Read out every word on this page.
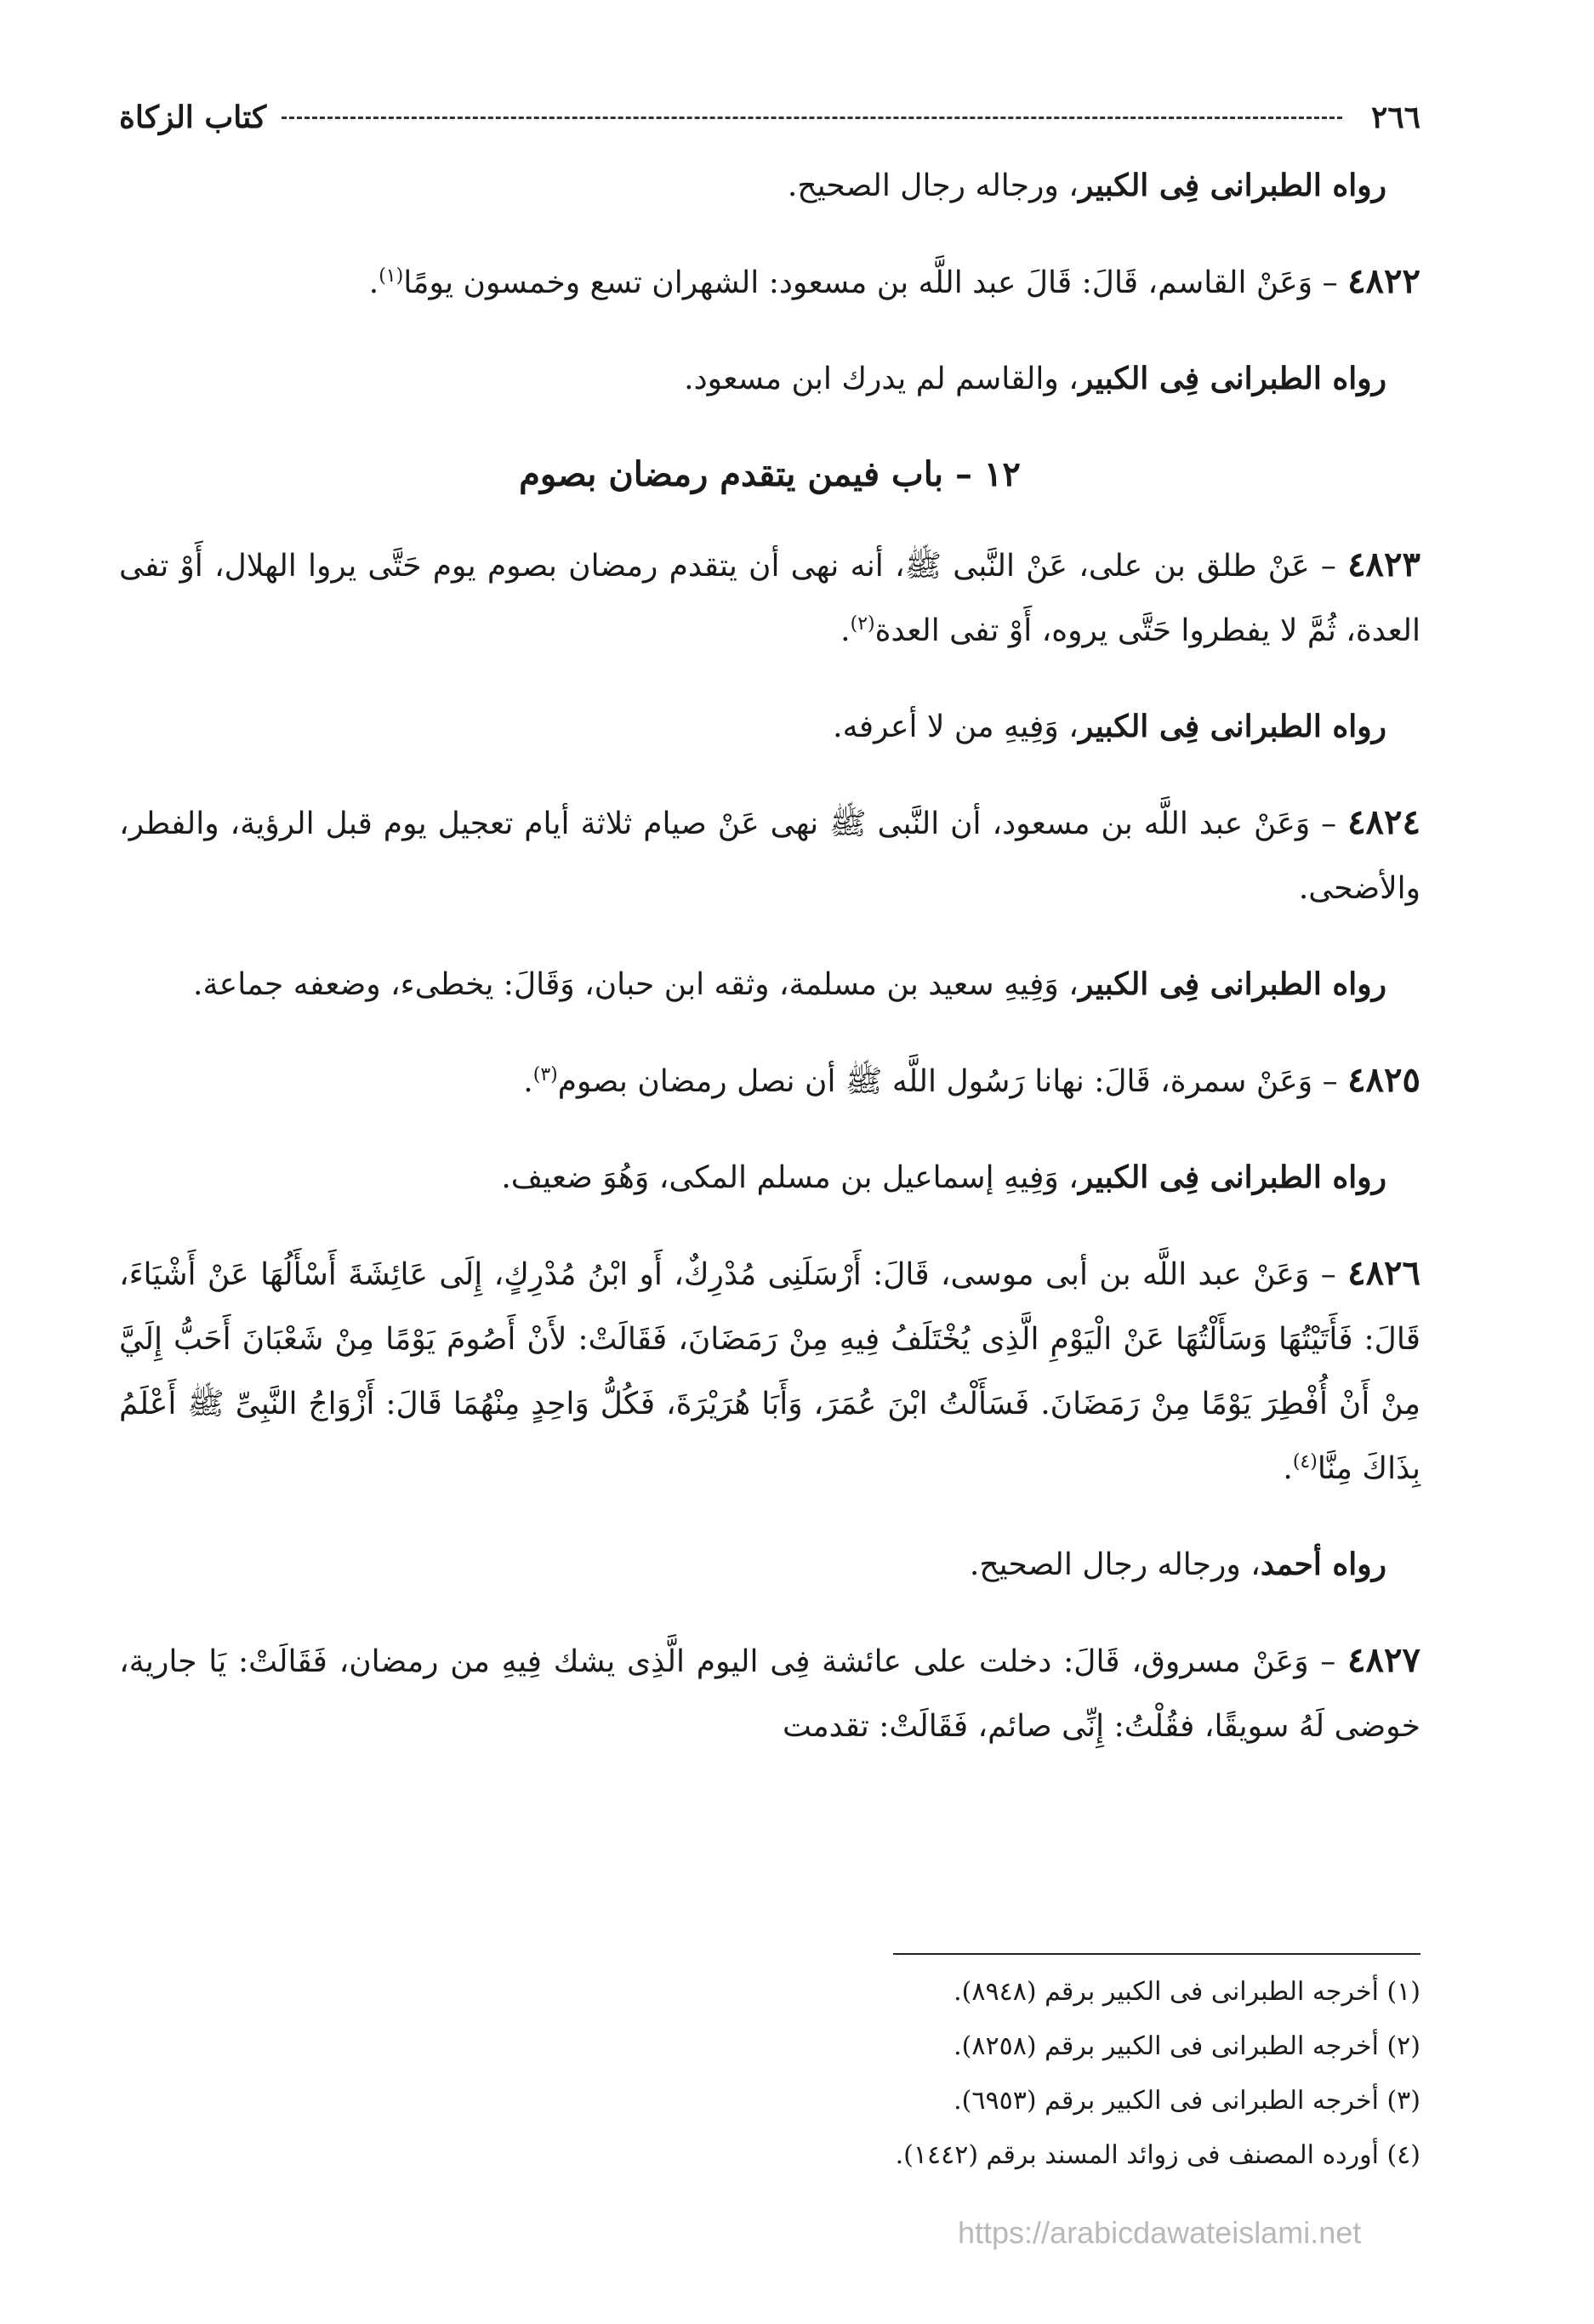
٢٦٦
كتاب الزكاة

رواه الطبرانى فِى الكبير، ورجاله رجال الصحيح.

٤٨٢٢ – وَعَنْ القاسم، قَالَ: قَالَ عبد اللَّه بن مسعود: الشهران تسع وخمسون يومًا$^{(١)}$.

رواه الطبرانى فِى الكبير، والقاسم لم يدرك ابن مسعود.

١٢ – باب فيمن يتقدم رمضان بصوم

٤٨٢٣ – عَنْ طلق بن على، عَنْ النَّبى ﷺ، أنه نهى أن يتقدم رمضان بصوم يوم حَتَّى يروا الهلال، أَوْ تفى العدة، ثُمَّ لا يفطروا حَتَّى يروه، أَوْ تفى العدة$^{(٢)}$.

رواه الطبرانى فِى الكبير، وَفِيهِ من لا أعرفه.

٤٨٢٤ – وَعَنْ عبد اللَّه بن مسعود، أن النَّبى ﷺ نهى عَنْ صيام ثلاثة أيام تعجيل يوم قبل الرؤية، والفطر، والأضحى.

رواه الطبرانى فِى الكبير، وَفِيهِ سعيد بن مسلمة، وثقه ابن حبان، وَقَالَ: يخطىء، وضعفه جماعة.

٤٨٢٥ – وَعَنْ سمرة، قَالَ: نهانا رَسُول اللَّه ﷺ أن نصل رمضان بصوم$^{(٣)}$.

رواه الطبرانى فِى الكبير، وَفِيهِ إسماعيل بن مسلم المكى، وَهُوَ ضعيف.

٤٨٢٦ – وَعَنْ عبد اللَّه بن أبى موسى، قَالَ: أَرْسَلَنِى مُدْرِكٌ، أَو ابْنُ مُدْرِكٍ، إِلَى عَائِشَةَ أَسْأَلُهَا عَنْ أَشْيَاءَ، قَالَ: فَأَتَيْتُهَا وَسَأَلْتُهَا عَنْ الْيَوْمِ الَّذِى يُخْتَلَفُ فِيهِ مِنْ رَمَضَانَ، فَقَالَتْ: لأَنْ أَصُومَ يَوْمًا مِنْ شَعْبَانَ أَحَبُّ إِلَيَّ مِنْ أَنْ أُفْطِرَ يَوْمًا مِنْ رَمَضَانَ. فَسَأَلْتُ ابْنَ عُمَرَ، وَأَبَا هُرَيْرَةَ، فَكُلُّ وَاحِدٍ مِنْهُمَا قَالَ: أَزْوَاجُ النَّبِىِّ ﷺ أَعْلَمُ بِذَاكَ مِنَّا$^{(٤)}$.

رواه أحمد، ورجاله رجال الصحيح.

٤٨٢٧ – وَعَنْ مسروق، قَالَ: دخلت على عائشة فِى اليوم الَّذِى يشك فِيهِ من رمضان، فَقَالَتْ: يَا جارية، خوضى لَهُ سويقًا، فقُلْتُ: إِنِّى صائم، فَقَالَتْ: تقدمت

(١) أخرجه الطبرانى فى الكبير برقم (٨٩٤٨).

(٢) أخرجه الطبرانى فى الكبير برقم (٨٢٥٨).

(٣) أخرجه الطبرانى فى الكبير برقم (٦٩٥٣).

(٤) أورده المصنف فى زوائد المسند برقم (١٤٤٢).

https://arabicdawateislami.net
